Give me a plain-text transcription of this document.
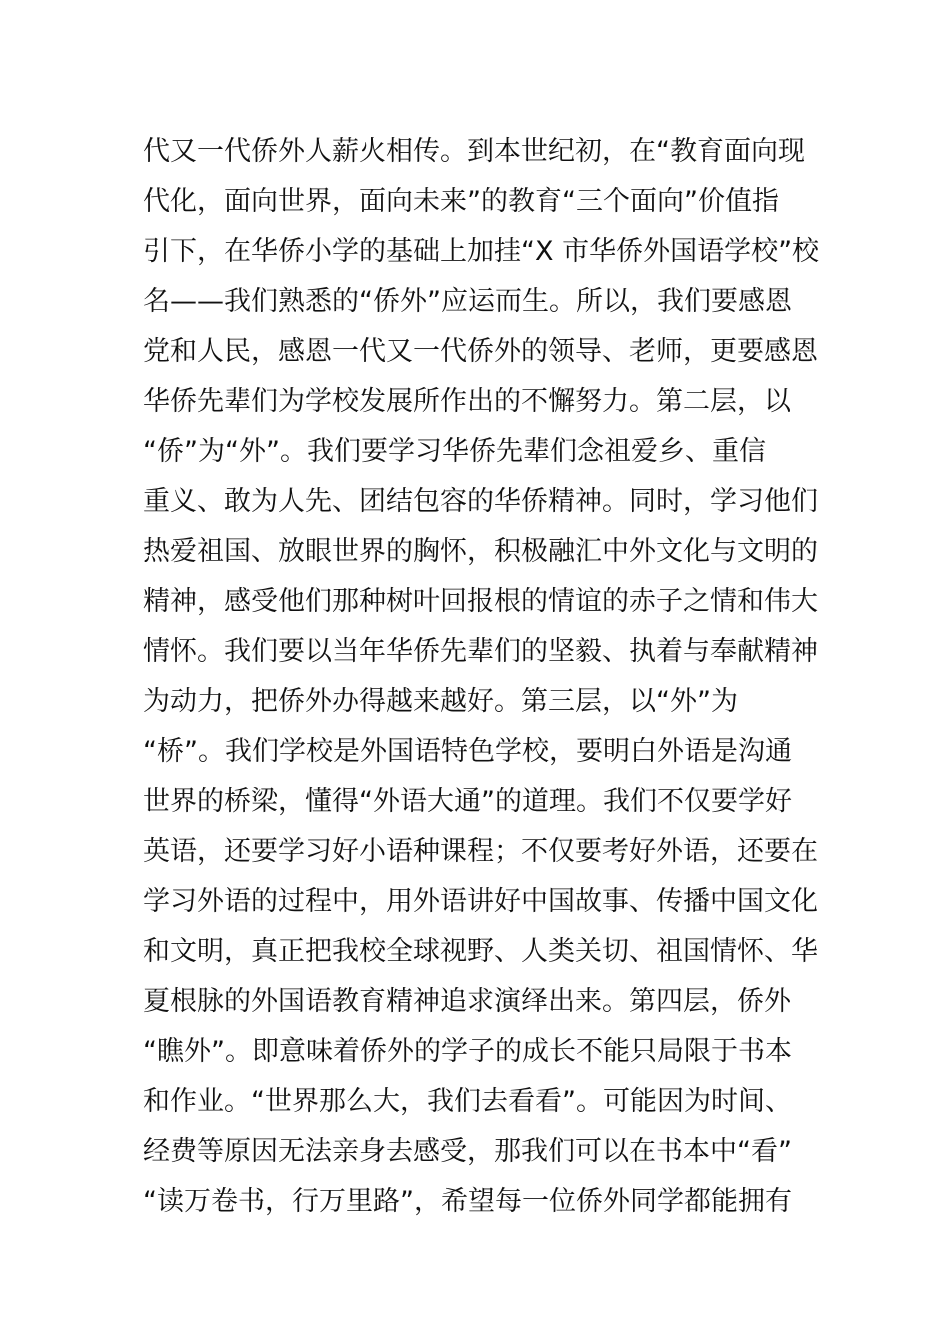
代又一代侨外人薪火相传。到本世纪初，在“教育面向现
代化，面向世界，面向未来”的教育“三个面向”价值指
引下，在华侨小学的基础上加挂“X 市华侨外国语学校”校
名——我们熟悉的“侨外”应运而生。所以，我们要感恩
党和人民，感恩一代又一代侨外的领导、老师，更要感恩
华侨先辈们为学校发展所作出的不懈努力。第二层，以
“侨”为“外”。我们要学习华侨先辈们念祖爱乡、重信
重义、敢为人先、团结包容的华侨精神。同时，学习他们
热爱祖国、放眼世界的胸怀，积极融汇中外文化与文明的
精神，感受他们那种树叶回报根的情谊的赤子之情和伟大
情怀。我们要以当年华侨先辈们的坚毅、执着与奉献精神
为动力，把侨外办得越来越好。第三层，以“外”为
“桥”。我们学校是外国语特色学校，要明白外语是沟通
世界的桥梁，懂得“外语大通”的道理。我们不仅要学好
英语，还要学习好小语种课程；不仅要考好外语，还要在
学习外语的过程中，用外语讲好中国故事、传播中国文化
和文明，真正把我校全球视野、人类关切、祖国情怀、华
夏根脉的外国语教育精神追求演绎出来。第四层，侨外
“瞧外”。即意味着侨外的学子的成长不能只局限于书本
和作业。“世界那么大，我们去看看”。可能因为时间、
经费等原因无法亲身去感受，那我们可以在书本中“看”
“读万卷书，行万里路”，希望每一位侨外同学都能拥有
